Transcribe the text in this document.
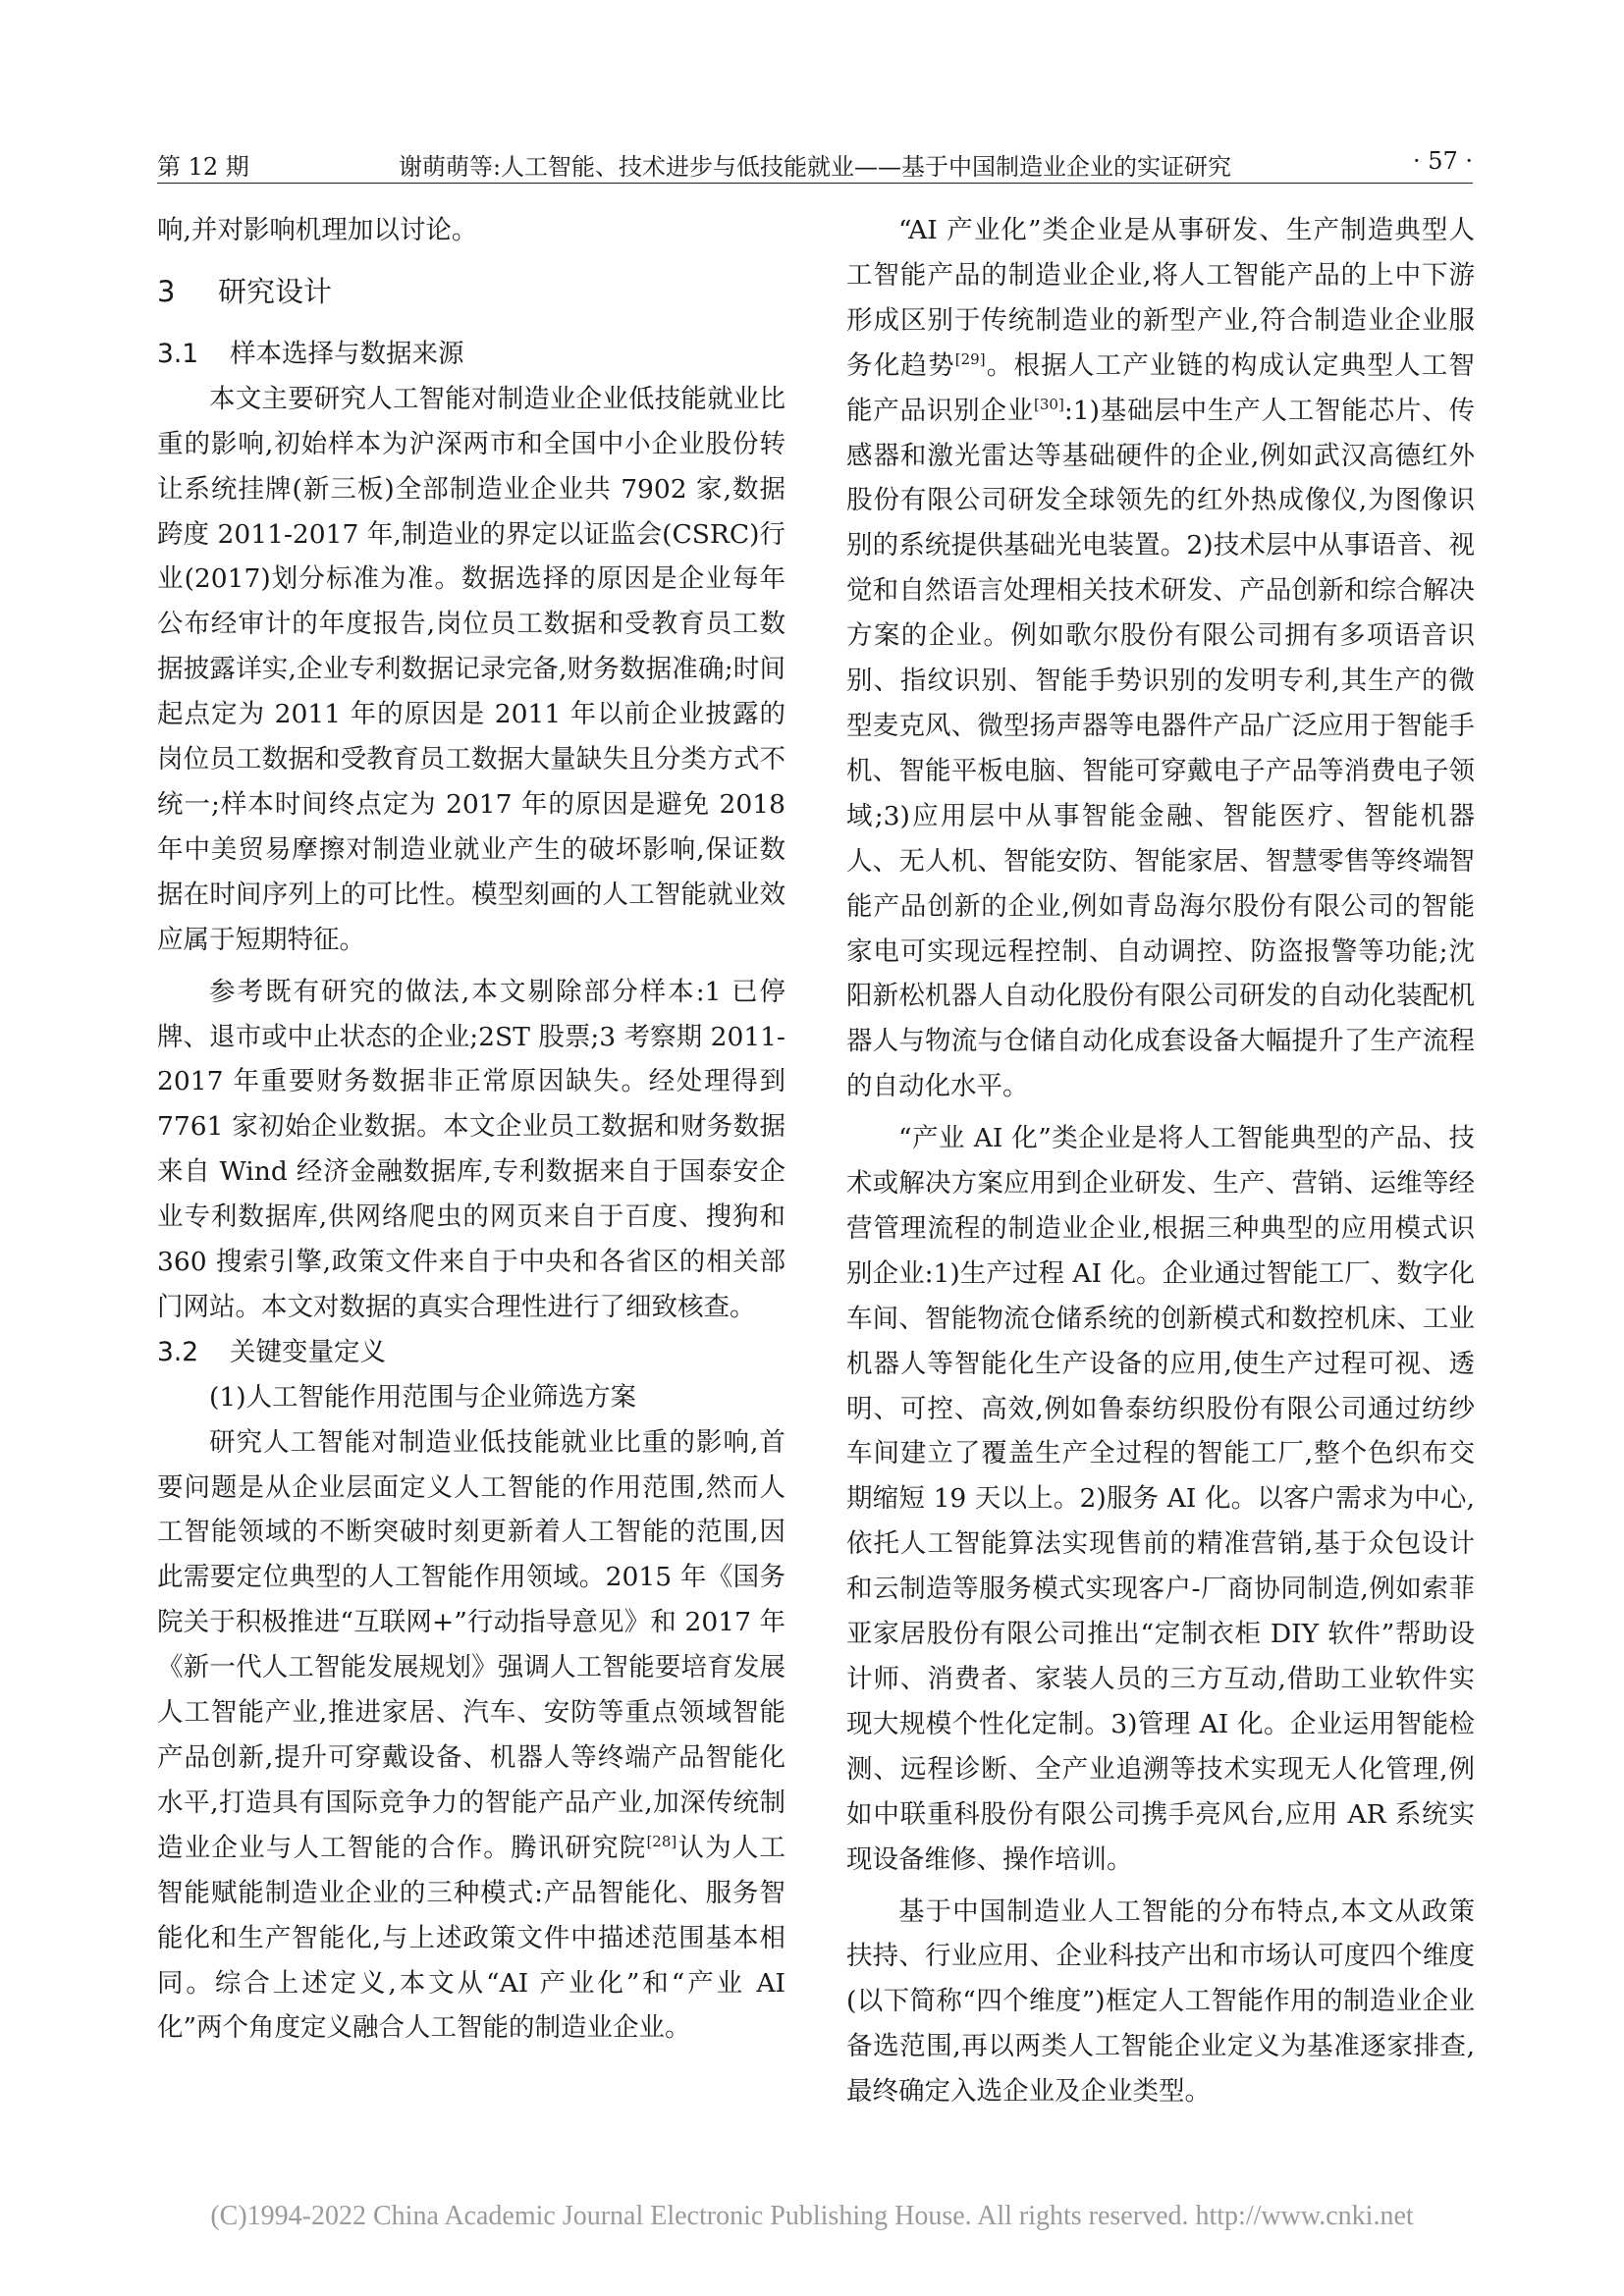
第 12 期	谢萌萌等:人工智能、技术进步与低技能就业——基于中国制造业企业的实证研究	· 57 ·

响,并对影响机理加以讨论。

3 研究设计
3.1 样本选择与数据来源

本文主要研究人工智能对制造业企业低技能就业比重的影响,初始样本为沪深两市和全国中小企业股份转让系统挂牌(新三板)全部制造业企业共 7902 家,数据跨度 2011-2017 年,制造业的界定以证监会(CSRC)行业(2017)划分标准为准。数据选择的原因是企业每年公布经审计的年度报告,岗位员工数据和受教育员工数据披露详实,企业专利数据记录完备,财务数据准确;时间起点定为 2011 年的原因是 2011 年以前企业披露的岗位员工数据和受教育员工数据大量缺失且分类方式不统一;样本时间终点定为 2017 年的原因是避免 2018 年中美贸易摩擦对制造业就业产生的破坏影响,保证数据在时间序列上的可比性。模型刻画的人工智能就业效应属于短期特征。

参考既有研究的做法,本文剔除部分样本:1 已停牌、退市或中止状态的企业;2ST 股票;3 考察期 2011-2017 年重要财务数据非正常原因缺失。经处理得到 7761 家初始企业数据。本文企业员工数据和财务数据来自 Wind 经济金融数据库,专利数据来自于国泰安企业专利数据库,供网络爬虫的网页来自于百度、搜狗和 360 搜索引擎,政策文件来自于中央和各省区的相关部门网站。本文对数据的真实合理性进行了细致核查。

3.2 关键变量定义

(1)人工智能作用范围与企业筛选方案

研究人工智能对制造业低技能就业比重的影响,首要问题是从企业层面定义人工智能的作用范围,然而人工智能领域的不断突破时刻更新着人工智能的范围,因此需要定位典型的人工智能作用领域。2015 年《国务院关于积极推进“互联网+”行动指导意见》和 2017 年《新一代人工智能发展规划》强调人工智能要培育发展人工智能产业,推进家居、汽车、安防等重点领域智能产品创新,提升可穿戴设备、机器人等终端产品智能化水平,打造具有国际竞争力的智能产品产业,加深传统制造业企业与人工智能的合作。腾讯研究院[28]认为人工智能赋能制造业企业的三种模式:产品智能化、服务智能化和生产智能化,与上述政策文件中描述范围基本相同。综合上述定义,本文从“AI 产业化”和“产业 AI 化”两个角度定义融合人工智能的制造业企业。

“AI 产业化”类企业是从事研发、生产制造典型人工智能产品的制造业企业,将人工智能产品的上中下游形成区别于传统制造业的新型产业,符合制造业企业服务化趋势[29]。根据人工产业链的构成认定典型人工智能产品识别企业[30]:1)基础层中生产人工智能芯片、传感器和激光雷达等基础硬件的企业,例如武汉高德红外股份有限公司研发全球领先的红外热成像仪,为图像识别的系统提供基础光电装置。2)技术层中从事语音、视觉和自然语言处理相关技术研发、产品创新和综合解决方案的企业。例如歌尔股份有限公司拥有多项语音识别、指纹识别、智能手势识别的发明专利,其生产的微型麦克风、微型扬声器等电器件产品广泛应用于智能手机、智能平板电脑、智能可穿戴电子产品等消费电子领域;3)应用层中从事智能金融、智能医疗、智能机器人、无人机、智能安防、智能家居、智慧零售等终端智能产品创新的企业,例如青岛海尔股份有限公司的智能家电可实现远程控制、自动调控、防盗报警等功能;沈阳新松机器人自动化股份有限公司研发的自动化装配机器人与物流与仓储自动化成套设备大幅提升了生产流程的自动化水平。

“产业 AI 化”类企业是将人工智能典型的产品、技术或解决方案应用到企业研发、生产、营销、运维等经营管理流程的制造业企业,根据三种典型的应用模式识别企业:1)生产过程 AI 化。企业通过智能工厂、数字化车间、智能物流仓储系统的创新模式和数控机床、工业机器人等智能化生产设备的应用,使生产过程可视、透明、可控、高效,例如鲁泰纺织股份有限公司通过纺纱车间建立了覆盖生产全过程的智能工厂,整个色织布交期缩短 19 天以上。2)服务 AI 化。以客户需求为中心,依托人工智能算法实现售前的精准营销,基于众包设计和云制造等服务模式实现客户-厂商协同制造,例如索菲亚家居股份有限公司推出“定制衣柜 DIY 软件”帮助设计师、消费者、家装人员的三方互动,借助工业软件实现大规模个性化定制。3)管理 AI 化。企业运用智能检测、远程诊断、全产业追溯等技术实现无人化管理,例如中联重科股份有限公司携手亮风台,应用 AR 系统实现设备维修、操作培训。

基于中国制造业人工智能的分布特点,本文从政策扶持、行业应用、企业科技产出和市场认可度四个维度(以下简称“四个维度”)框定人工智能作用的制造业企业备选范围,再以两类人工智能企业定义为基准逐家排查,最终确定入选企业及企业类型。

(C)1994-2022 China Academic Journal Electronic Publishing House. All rights reserved. http://www.cnki.net
